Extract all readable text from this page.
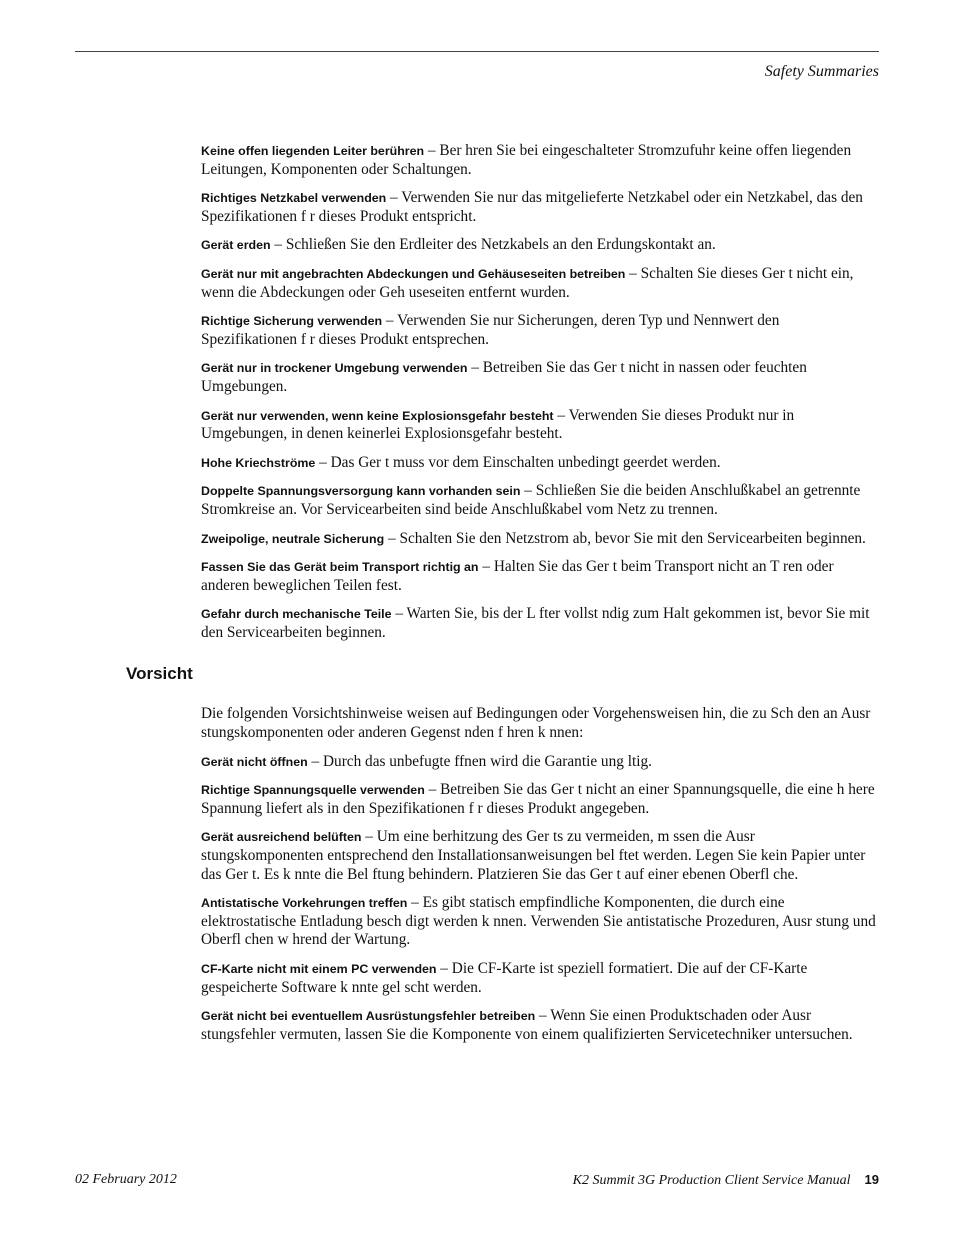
Safety Summaries

Keine offen liegenden Leiter berühren – Ber hren Sie bei eingeschalteter Stromzufuhr keine offen liegenden Leitungen, Komponenten oder Schaltungen.

Richtiges Netzkabel verwenden – Verwenden Sie nur das mitgelieferte Netzkabel oder ein Netzkabel, das den Spezifikationen f r dieses Produkt entspricht.

Gerät erden – Schließen Sie den Erdleiter des Netzkabels an den Erdungskontakt an.

Gerät nur mit angebrachten Abdeckungen und Gehäuseseiten betreiben – Schalten Sie dieses Ger t nicht ein, wenn die Abdeckungen oder Geh useseiten entfernt wurden.

Richtige Sicherung verwenden – Verwenden Sie nur Sicherungen, deren Typ und Nennwert den Spezifikationen f r dieses Produkt entsprechen.

Gerät nur in trockener Umgebung verwenden – Betreiben Sie das Ger t nicht in nassen oder feuchten Umgebungen.

Gerät nur verwenden, wenn keine Explosionsgefahr besteht – Verwenden Sie dieses Produkt nur in Umgebungen, in denen keinerlei Explosionsgefahr besteht.

Hohe Kriechströme – Das Ger t muss vor dem Einschalten unbedingt geerdet werden.

Doppelte Spannungsversorgung kann vorhanden sein – Schließen Sie die beiden Anschlußkabel an getrennte Stromkreise an. Vor Servicearbeiten sind beide Anschlußkabel vom Netz zu trennen.

Zweipolige, neutrale Sicherung – Schalten Sie den Netzstrom ab, bevor Sie mit den Servicearbeiten beginnen.

Fassen Sie das Gerät beim Transport richtig an – Halten Sie das Ger t beim Transport nicht an T ren oder anderen beweglichen Teilen fest.

Gefahr durch mechanische Teile – Warten Sie, bis der L fter vollst ndig zum Halt gekommen ist, bevor Sie mit den Servicearbeiten beginnen.

Vorsicht

Die folgenden Vorsichtshinweise weisen auf Bedingungen oder Vorgehensweisen hin, die zu Sch den an Ausr stungskomponenten oder anderen Gegenst nden f hren k nnen:

Gerät nicht öffnen – Durch das unbefugte ffnen wird die Garantie ung ltig.

Richtige Spannungsquelle verwenden – Betreiben Sie das Ger t nicht an einer Spannungsquelle, die eine h here Spannung liefert als in den Spezifikationen f r dieses Produkt angegeben.

Gerät ausreichend belüften – Um eine berhitzung des Ger ts zu vermeiden, m ssen die Ausr stungskomponenten entsprechend den Installationsanweisungen bel ftet werden. Legen Sie kein Papier unter das Ger t. Es k nnte die Bel ftung behindern. Platzieren Sie das Ger t auf einer ebenen Oberfl che.

Antistatische Vorkehrungen treffen – Es gibt statisch empfindliche Komponenten, die durch eine elektrostatische Entladung besch digt werden k nnen. Verwenden Sie antistatische Prozeduren, Ausr stung und Oberfl chen w hrend der Wartung.

CF-Karte nicht mit einem PC verwenden – Die CF-Karte ist speziell formatiert. Die auf der CF-Karte gespeicherte Software k nnte gel scht werden.

Gerät nicht bei eventuellem Ausrüstungsfehler betreiben – Wenn Sie einen Produktschaden oder Ausr stungsfehler vermuten, lassen Sie die Komponente von einem qualifizierten Servicetechniker untersuchen.

02 February 2012	K2 Summit 3G Production Client Service Manual 19
